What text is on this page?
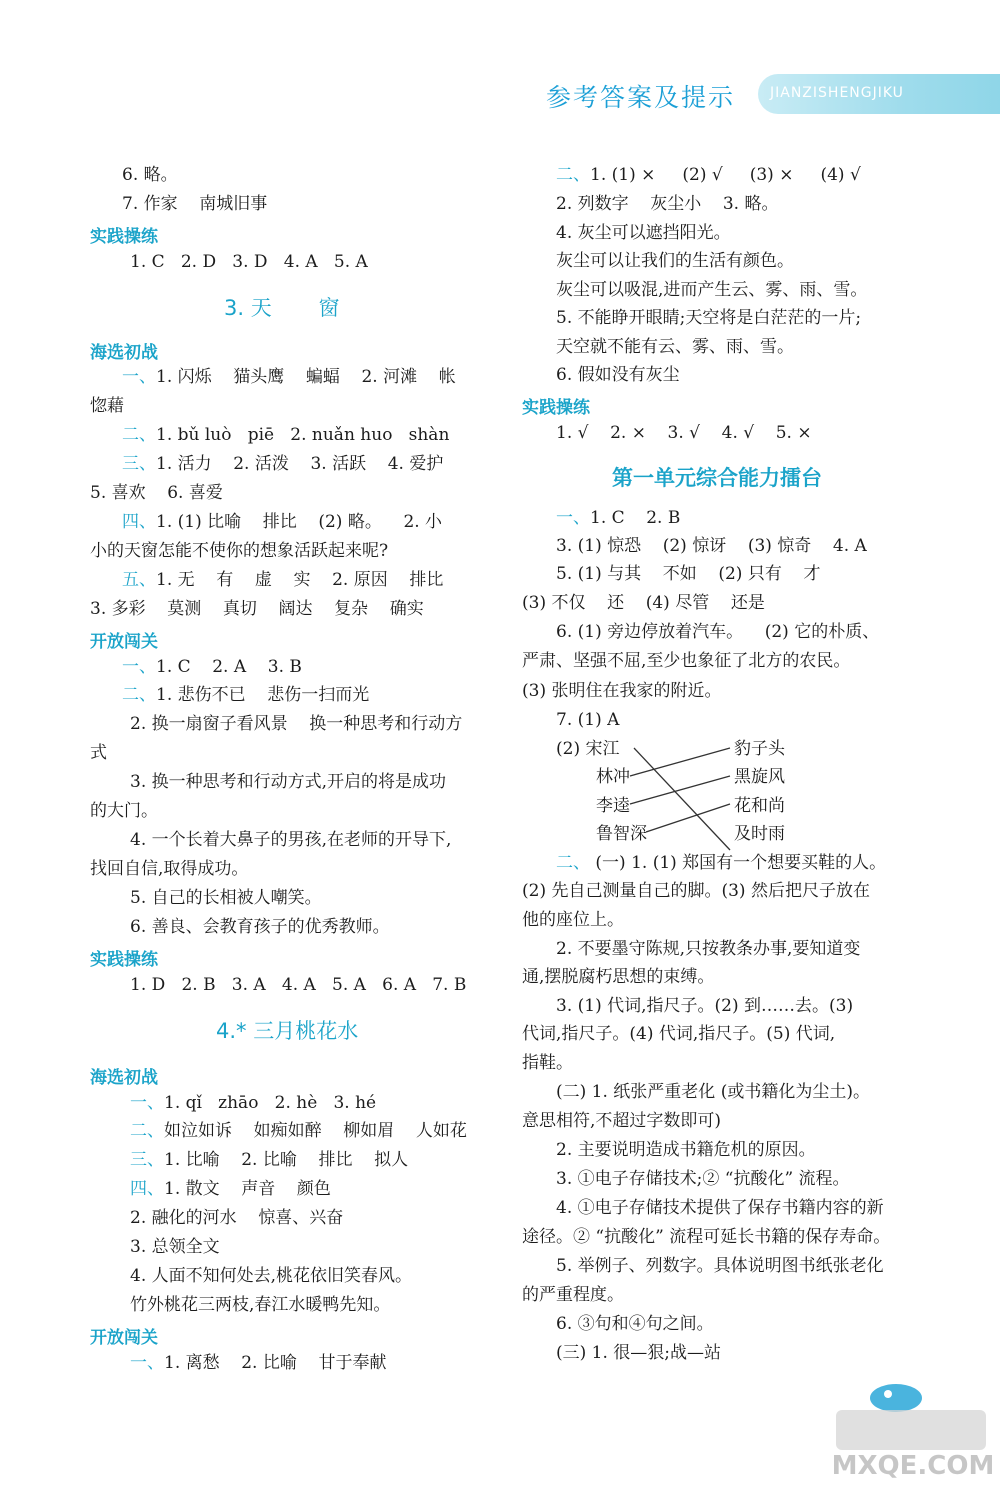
参考答案及提示 JIANZISHENGJIKU
6. 略。
7. 作家    南城旧事
实践操练
1. C   2. D   3. D   4. A   5. A
3. 天       窗
海选初战
一、1. 闪烁    猫头鹰    蝙蝠    2. 河滩    帐
惚藉
二、1. bǔ luò   piē   2. nuǎn huo   shàn
三、1. 活力    2. 活泼    3. 活跃    4. 爱护
5. 喜欢    6. 喜爱
四、1. (1) 比喻    排比    (2) 略。    2. 小
小的天窗怎能不使你的想象活跃起来呢?
五、1. 无    有    虚    实    2. 原因    排比
3. 多彩    莫测    真切    阔达    复杂    确实
开放闯关
一、1. C    2. A    3. B
二、1. 悲伤不已    悲伤一扫而光
2. 换一扇窗子看风景    换一种思考和行动方
式
3. 换一种思考和行动方式,开启的将是成功
的大门。
4. 一个长着大鼻子的男孩,在老师的开导下,
找回自信,取得成功。
5. 自己的长相被人嘲笑。
6. 善良、会教育孩子的优秀教师。
实践操练
1. D   2. B   3. A   4. A   5. A   6. A   7. B
4.* 三月桃花水
海选初战
一、1. qǐ   zhāo   2. hè   3. hé
二、如泣如诉    如痴如醉    柳如眉    人如花
三、1. 比喻    2. 比喻    排比    拟人
四、1. 散文    声音    颜色
2. 融化的河水    惊喜、兴奋
3. 总领全文
4. 人面不知何处去,桃花依旧笑春风。
竹外桃花三两枝,春江水暖鸭先知。
开放闯关
一、1. 离愁    2. 比喻    甘于奉献
二、1. (1) ×     (2) √     (3) ×     (4) √
2. 列数字    灰尘小    3. 略。
4. 灰尘可以遮挡阳光。
灰尘可以让我们的生活有颜色。
灰尘可以吸混,进而产生云、雾、雨、雪。
5. 不能睁开眼睛;天空将是白茫茫的一片;
天空就不能有云、雾、雨、雪。
6. 假如没有灰尘
实践操练
1. √    2. ×    3. √    4. √    5. ×
第一单元综合能力擂台
一、1. C    2. B
3. (1) 惊恐    (2) 惊讶    (3) 惊奇    4. A
5. (1) 与其    不如    (2) 只有    才
(3) 不仅    还    (4) 尽管    还是
6. (1) 旁边停放着汽车。    (2) 它的朴质、
严肃、坚强不屈,至少也象征了北方的农民。
(3) 张明住在我家的附近。
7. (1) A
(2) 宋江
林冲
李逵
鲁智深
豹子头
黑旋风
花和尚
及时雨
二、 (一) 1. (1) 郑国有一个想要买鞋的人。
(2) 先自己测量自己的脚。(3) 然后把尺子放在
他的座位上。
2. 不要墨守陈规,只按教条办事,要知道变
通,摆脱腐朽思想的束缚。
3. (1) 代词,指尺子。(2) 到……去。(3)
代词,指尺子。(4) 代词,指尺子。(5) 代词,
指鞋。
(二) 1. 纸张严重老化 (或书籍化为尘土)。
意思相符,不超过字数即可)
2. 主要说明造成书籍危机的原因。
3. ①电子存储技术;② “抗酸化” 流程。
4. ①电子存储技术提供了保存书籍内容的新
途径。② “抗酸化” 流程可延长书籍的保存寿命。
5. 举例子、列数字。具体说明图书纸张老化
的严重程度。
6. ③句和④句之间。
(三) 1. 很—狠;战—站
MXQE.COM
